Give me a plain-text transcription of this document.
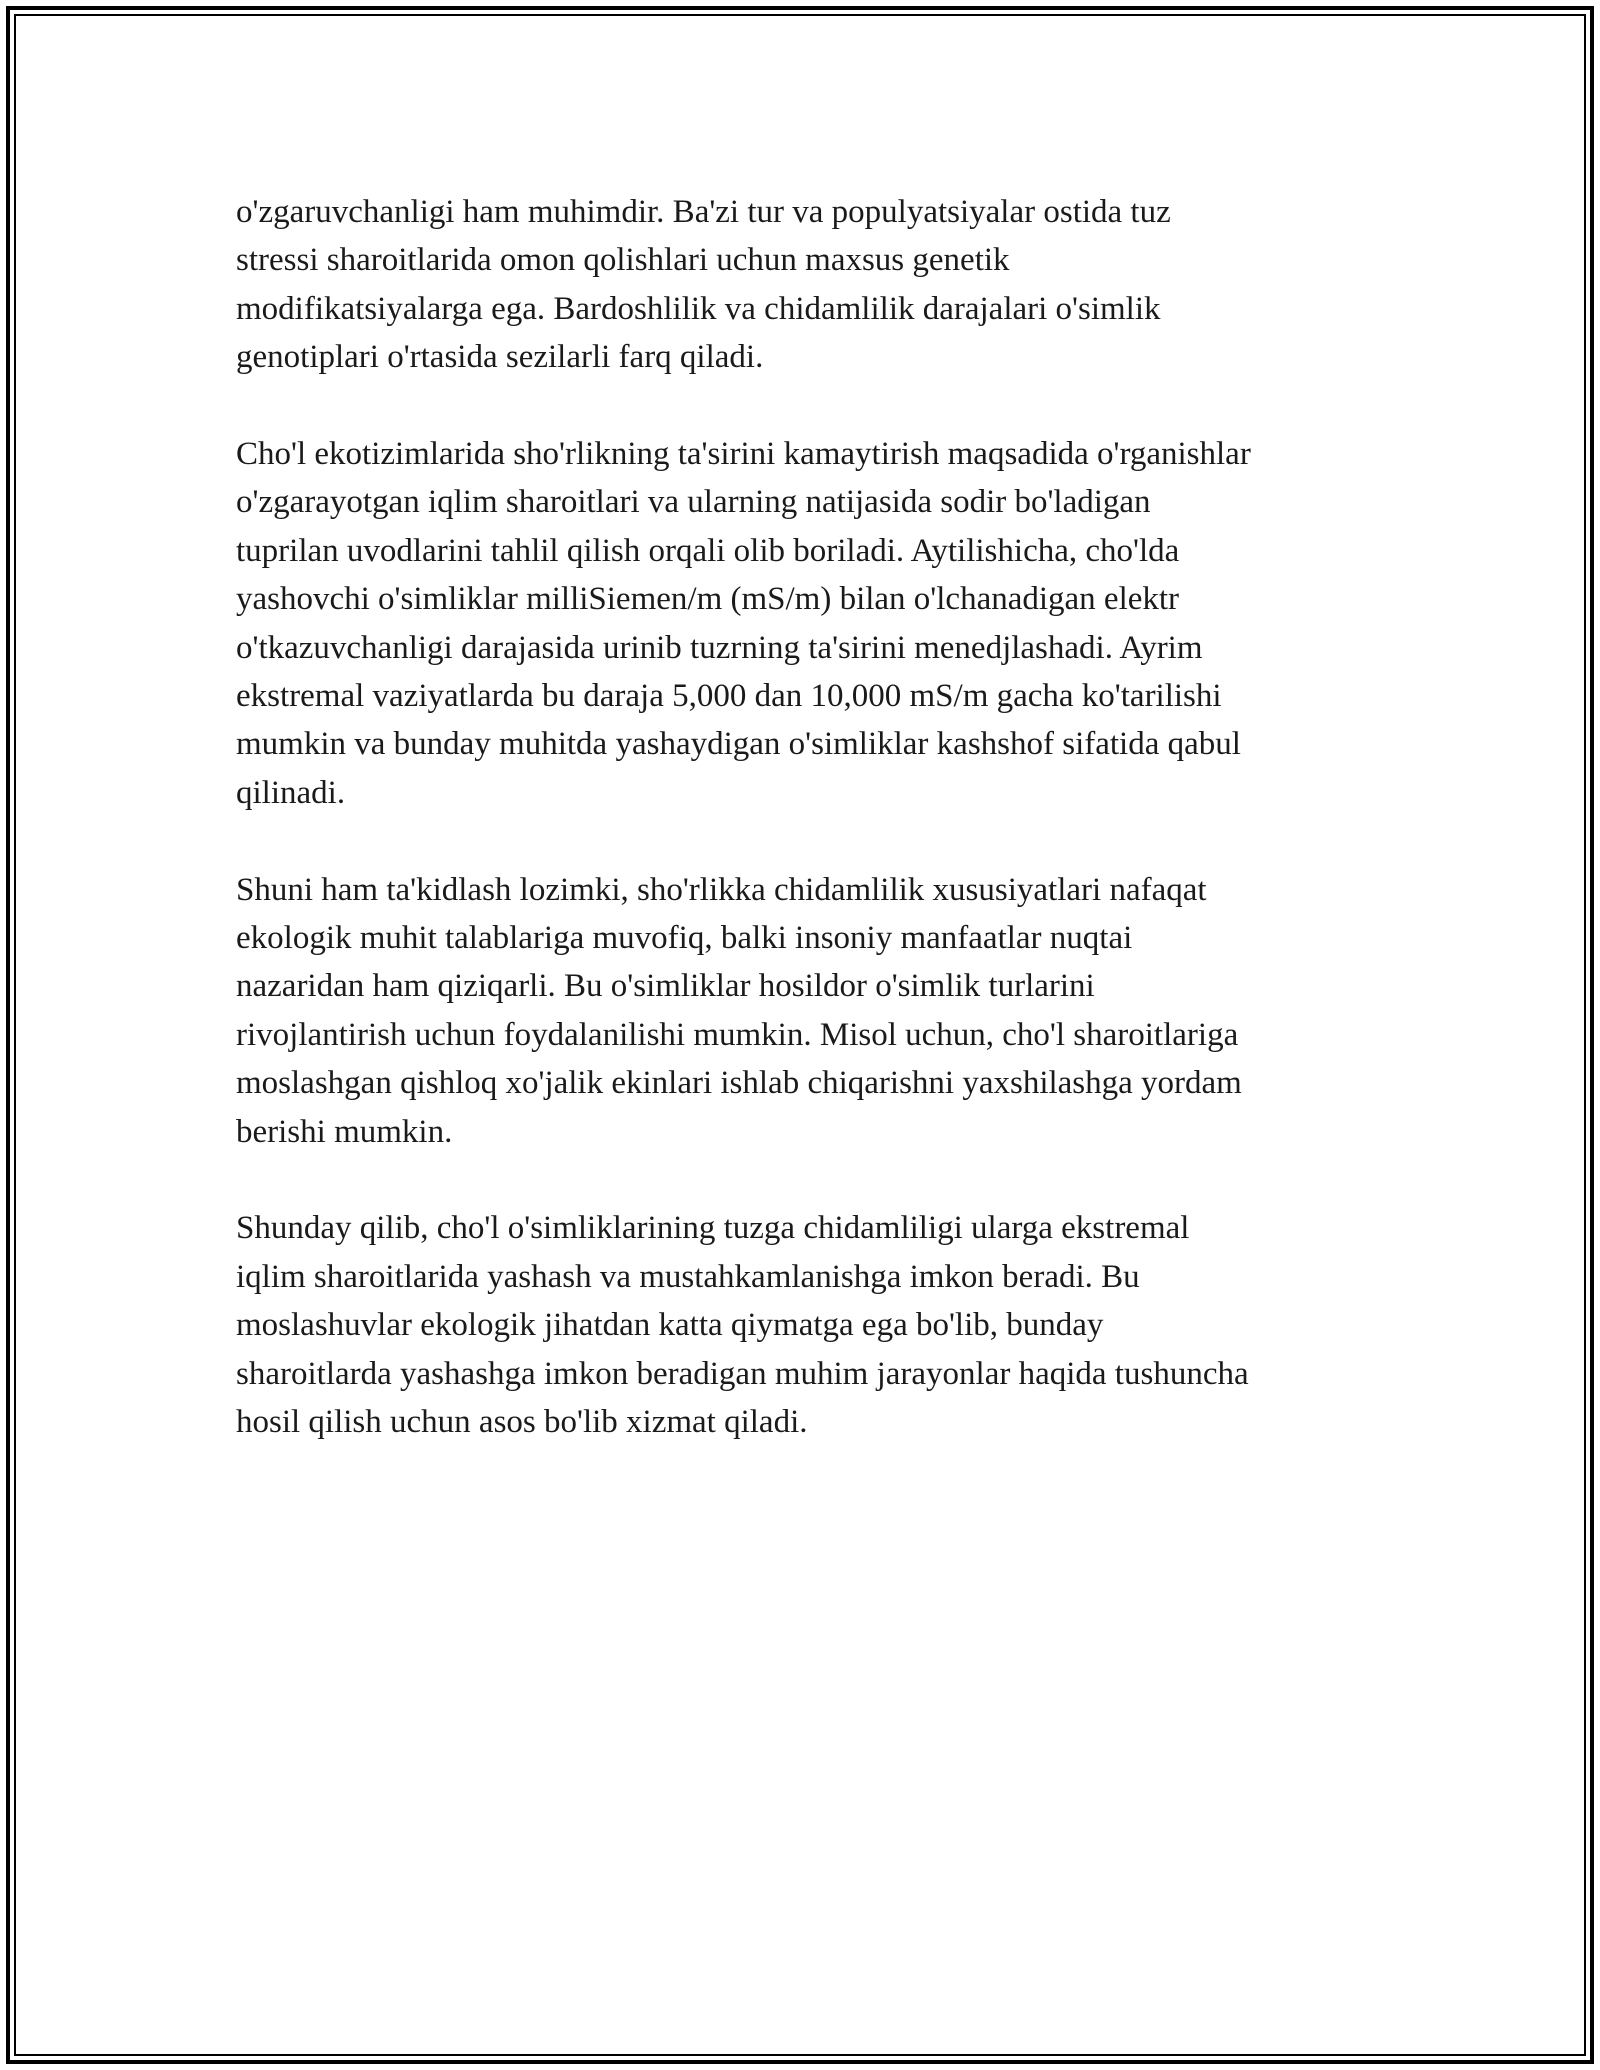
o'zgaruvchanligi ham muhimdir. Ba'zi tur va populyatsiyalar ostida tuz
stressi sharoitlarida omon qolishlari uchun maxsus genetik
modifikatsiyalarga ega. Bardoshlilik va chidamlilik darajalari o'simlik
genotiplari o'rtasida sezilarli farq qiladi.

Cho'l ekotizimlarida sho'rlikning ta'sirini kamaytirish maqsadida o'rganishlar
o'zgarayotgan iqlim sharoitlari va ularning natijasida sodir bo'ladigan
tuprilan uvodlarini tahlil qilish orqali olib boriladi. Aytilishicha, cho'lda
yashovchi o'simliklar milliSiemen/m (mS/m) bilan o'lchanadigan elektr
o'tkazuvchanligi darajasida urinib tuzrning ta'sirini menedjlashadi. Ayrim
ekstremal vaziyatlarda bu daraja 5,000 dan 10,000 mS/m gacha ko'tarilishi
mumkin va bunday muhitda yashaydigan o'simliklar kashshof sifatida qabul
qilinadi.

Shuni ham ta'kidlash lozimki, sho'rlikka chidamlilik xususiyatlari nafaqat
ekologik muhit talablariga muvofiq, balki insoniy manfaatlar nuqtai
nazaridan ham qiziqarli. Bu o'simliklar hosildor o'simlik turlarini
rivojlantirish uchun foydalanilishi mumkin. Misol uchun, cho'l sharoitlariga
moslashgan qishloq xo'jalik ekinlari ishlab chiqarishni yaxshilashga yordam
berishi mumkin.

Shunday qilib, cho'l o'simliklarining tuzga chidamliligi ularga ekstremal
iqlim sharoitlarida yashash va mustahkamlanishga imkon beradi. Bu
moslashuvlar ekologik jihatdan katta qiymatga ega bo'lib, bunday
sharoitlarda yashashga imkon beradigan muhim jarayonlar haqida tushuncha
hosil qilish uchun asos bo'lib xizmat qiladi.
